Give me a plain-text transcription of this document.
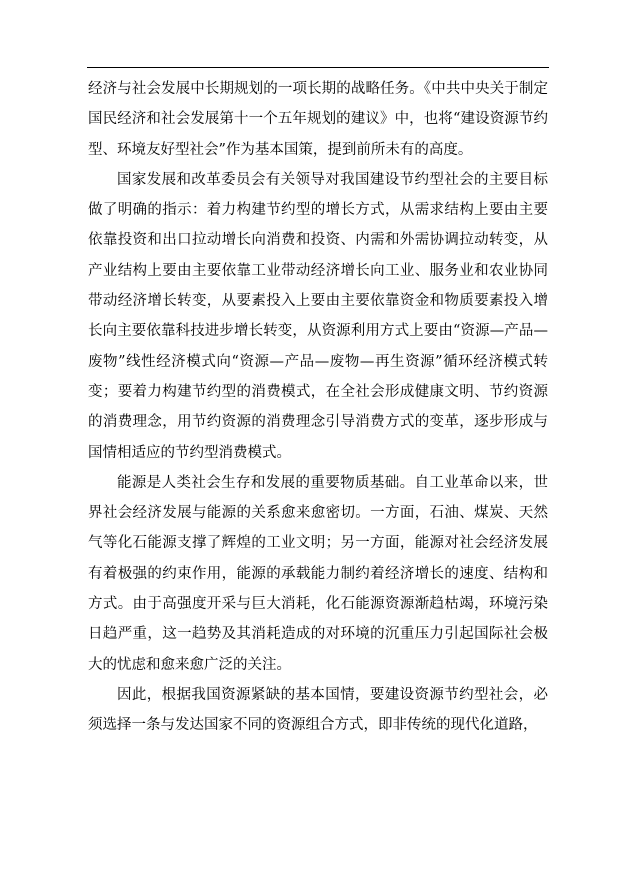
经济与社会发展中长期规划的一项长期的战略任务。《中共中央关于制定国民经济和社会发展第十一个五年规划的建议》中，也将“建设资源节约型、环境友好型社会”作为基本国策，提到前所未有的高度。

国家发展和改革委员会有关领导对我国建设节约型社会的主要目标做了明确的指示：着力构建节约型的增长方式，从需求结构上要由主要依靠投资和出口拉动增长向消费和投资、内需和外需协调拉动转变，从产业结构上要由主要依靠工业带动经济增长向工业、服务业和农业协同带动经济增长转变，从要素投入上要由主要依靠资金和物质要素投入增长向主要依靠科技进步增长转变，从资源利用方式上要由“资源—产品—废物”线性经济模式向“资源—产品—废物—再生资源”循环经济模式转变；要着力构建节约型的消费模式，在全社会形成健康文明、节约资源的消费理念，用节约资源的消费理念引导消费方式的变革，逐步形成与国情相适应的节约型消费模式。

能源是人类社会生存和发展的重要物质基础。自工业革命以来，世界社会经济发展与能源的关系愈来愈密切。一方面，石油、煤炭、天然气等化石能源支撑了辉煌的工业文明；另一方面，能源对社会经济发展有着极强的约束作用，能源的承载能力制约着经济增长的速度、结构和方式。由于高强度开采与巨大消耗，化石能源资源渐趋枯竭，环境污染日趋严重，这一趋势及其消耗造成的对环境的沉重压力引起国际社会极大的忧虑和愈来愈广泛的关注。

因此，根据我国资源紧缺的基本国情，要建设资源节约型社会，必须选择一条与发达国家不同的资源组合方式，即非传统的现代化道路，
